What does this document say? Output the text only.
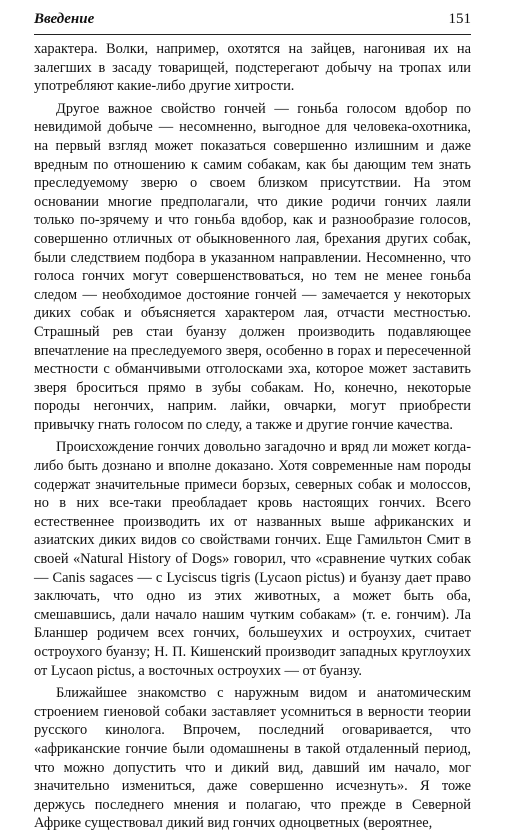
Введение	151

характера. Волки, например, охотятся на зайцев, нагонивая их на залегших в засаду товарищей, подстерегают добычу на тропах или употребляют какие-либо другие хитрости.

Другое важное свойство гончей — гоньба голосом вдобор по невидимой добыче — несомненно, выгодное для человека-охотника, на первый взгляд может показаться совершенно излишним и даже вредным по отношению к самим собакам, как бы дающим тем знать преследуемому зверю о своем близком присутствии. На этом основании многие предполагали, что дикие родичи гончих лаяли только по-зрячему и что гоньба вдобор, как и разнообразие голосов, совершенно отличных от обыкновенного лая, брехания других собак, были следствием подбора в указанном направлении. Несомненно, что голоса гончих могут совершенствоваться, но тем не менее гоньба следом — необходимое достояние гончей — замечается у некоторых диких собак и объясняется характером лая, отчасти местностью. Страшный рев стаи буанзу должен производить подавляющее впечатление на преследуемого зверя, особенно в горах и пересеченной местности с обманчивыми отголосками эха, которое может заставить зверя броситься прямо в зубы собакам. Но, конечно, некоторые породы негончих, наприм. лайки, овчарки, могут приобрести привычку гнать голосом по следу, а также и другие гончие качества.

Происхождение гончих довольно загадочно и вряд ли может когда-либо быть дознано и вполне доказано. Хотя современные нам породы содержат значительные примеси борзых, северных собак и молоссов, но в них все-таки преобладает кровь настоящих гончих. Всего естественнее производить их от названных выше африканских и азиатских диких видов со свойствами гончих. Еще Гамильтон Смит в своей «Natural History of Dogs» говорил, что «сравнение чутких собак — Canis sagaces — с Lyciscus tigris (Lycaon pictus) и буанзу дает право заключать, что одно из этих животных, а может быть оба, смешавшись, дали начало нашим чутким собакам» (т. е. гончим). Ла Бланшер родичем всех гончих, большеухих и остроухих, считает остроухого буанзу; Н. П. Кишенский производит западных круглоухих от Lycaon pictus, а восточных остроухих — от буанзу.

Ближайшее знакомство с наружным видом и анатомическим строением гиеновой собаки заставляет усомниться в верности теории русского кинолога. Впрочем, последний оговаривается, что «африканские гончие были одомашнены в такой отдаленный период, что можно допустить что и дикий вид, давший им начало, мог значительно измениться, даже совершенно исчезнуть». Я тоже держусь последнего мнения и полагаю, что прежде в Северной Африке существовал дикий вид гончих одноцветных (вероятнее,
